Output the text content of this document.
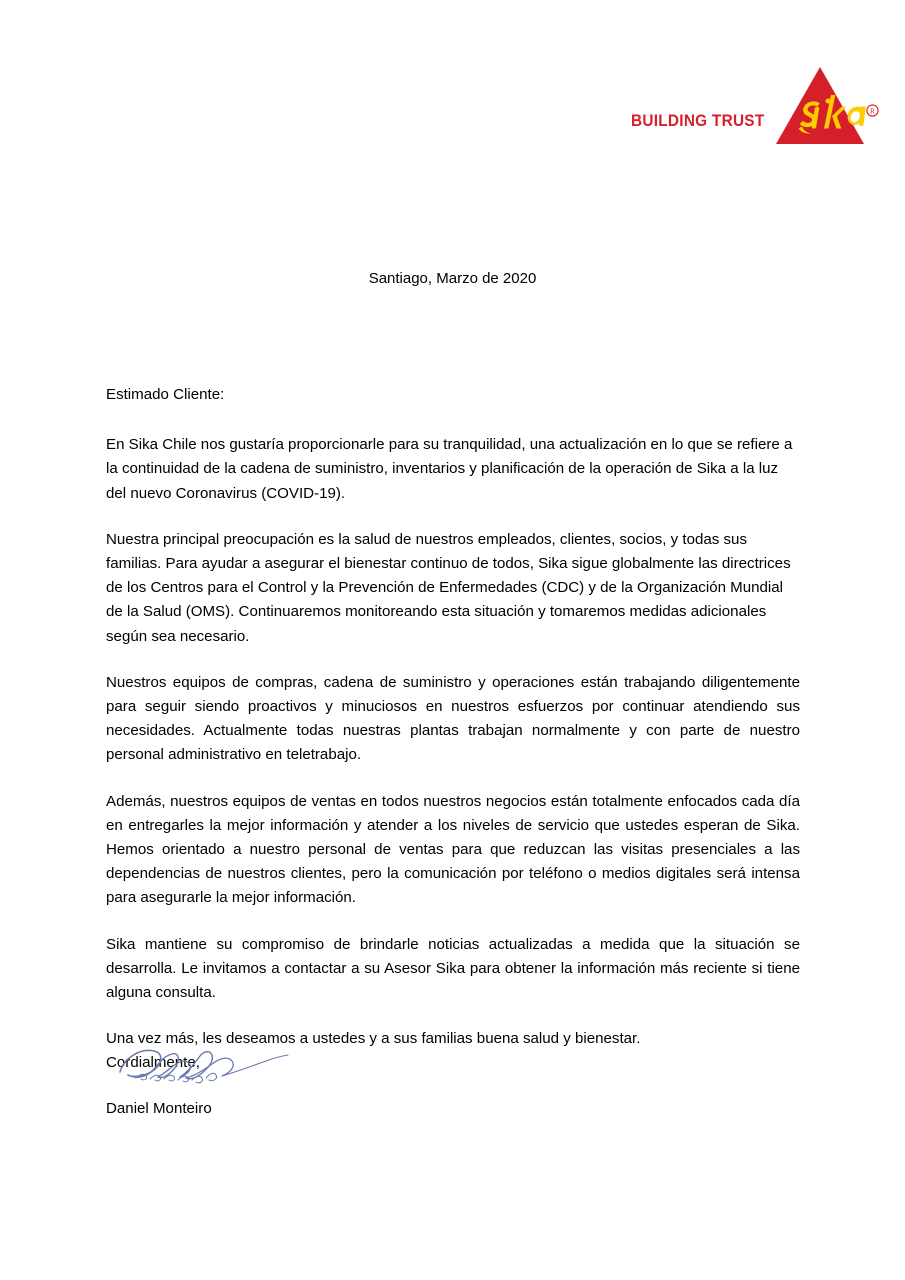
BUILDING TRUST
R
Santiago, Marzo de 2020

Estimado Cliente:

En Sika Chile nos gustaría proporcionarle para su tranquilidad, una actualización en lo que se refiere a la continuidad de la cadena de suministro, inventarios y planificación de la operación de Sika a la luz del nuevo Coronavirus (COVID-19).

Nuestra principal preocupación es la salud de nuestros empleados, clientes, socios, y todas sus familias. Para ayudar a asegurar el bienestar continuo de todos, Sika sigue globalmente las directrices de los Centros para el Control y la Prevención de Enfermedades (CDC) y de la Organización Mundial de la Salud (OMS). Continuaremos monitoreando esta situación y tomaremos medidas adicionales según sea necesario.

Nuestros equipos de compras, cadena de suministro y operaciones están trabajando diligentemente para seguir siendo proactivos y minuciosos en nuestros esfuerzos por continuar atendiendo sus necesidades. Actualmente todas nuestras plantas trabajan normalmente y con parte de nuestro personal administrativo en teletrabajo.

Además, nuestros equipos de ventas en todos nuestros negocios están totalmente enfocados cada día en entregarles la mejor información y atender a los niveles de servicio que ustedes esperan de Sika. Hemos orientado a nuestro personal de ventas para que reduzcan las visitas presenciales a las dependencias de nuestros clientes, pero la comunicación por teléfono o medios digitales será intensa para asegurarle la mejor información.

Sika mantiene su compromiso de brindarle noticias actualizadas a medida que la situación se desarrolla. Le invitamos a contactar a su Asesor Sika para obtener la información más reciente si tiene alguna consulta.

Una vez más, les deseamos a ustedes y a sus familias buena salud y bienestar.

Cordialmente,

Daniel Monteiro
